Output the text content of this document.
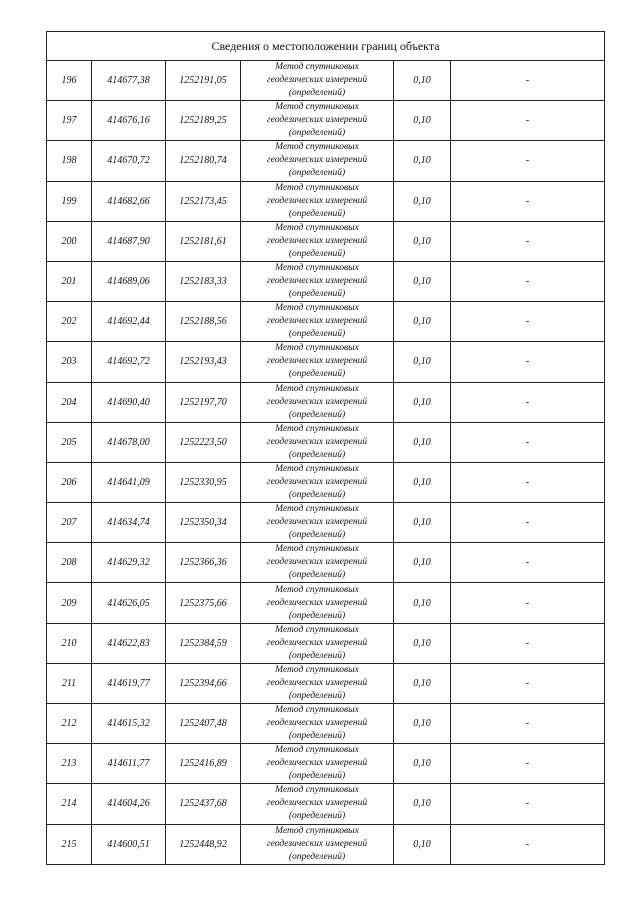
Сведения о местоположении границ объекта					
196	414677,38	1252191,05	Метод спутниковых
геодезических измерений
(определений)	0,10	-
197	414676,16	1252189,25	Метод спутниковых
геодезических измерений
(определений)	0,10	-
198	414670,72	1252180,74	Метод спутниковых
геодезических измерений
(определений)	0,10	-
199	414682,66	1252173,45	Метод спутниковых
геодезических измерений
(определений)	0,10	-
200	414687,90	1252181,61	Метод спутниковых
геодезических измерений
(определений)	0,10	-
201	414689,06	1252183,33	Метод спутниковых
геодезических измерений
(определений)	0,10	-
202	414692,44	1252188,56	Метод спутниковых
геодезических измерений
(определений)	0,10	-
203	414692,72	1252193,43	Метод спутниковых
геодезических измерений
(определений)	0,10	-
204	414690,40	1252197,70	Метод спутниковых
геодезических измерений
(определений)	0,10	-
205	414678,00	1252223,50	Метод спутниковых
геодезических измерений
(определений)	0,10	-
206	414641,09	1252330,95	Метод спутниковых
геодезических измерений
(определений)	0,10	-
207	414634,74	1252350,34	Метод спутниковых
геодезических измерений
(определений)	0,10	-
208	414629,32	1252366,36	Метод спутниковых
геодезических измерений
(определений)	0,10	-
209	414626,05	1252375,66	Метод спутниковых
геодезических измерений
(определений)	0,10	-
210	414622,83	1252384,59	Метод спутниковых
геодезических измерений
(определений)	0,10	-
211	414619,77	1252394,66	Метод спутниковых
геодезических измерений
(определений)	0,10	-
212	414615,32	1252407,48	Метод спутниковых
геодезических измерений
(определений)	0,10	-
213	414611,77	1252416,89	Метод спутниковых
геодезических измерений
(определений)	0,10	-
214	414604,26	1252437,68	Метод спутниковых
геодезических измерений
(определений)	0,10	-
215	414600,51	1252448,92	Метод спутниковых
геодезических измерений
(определений)	0,10	-
